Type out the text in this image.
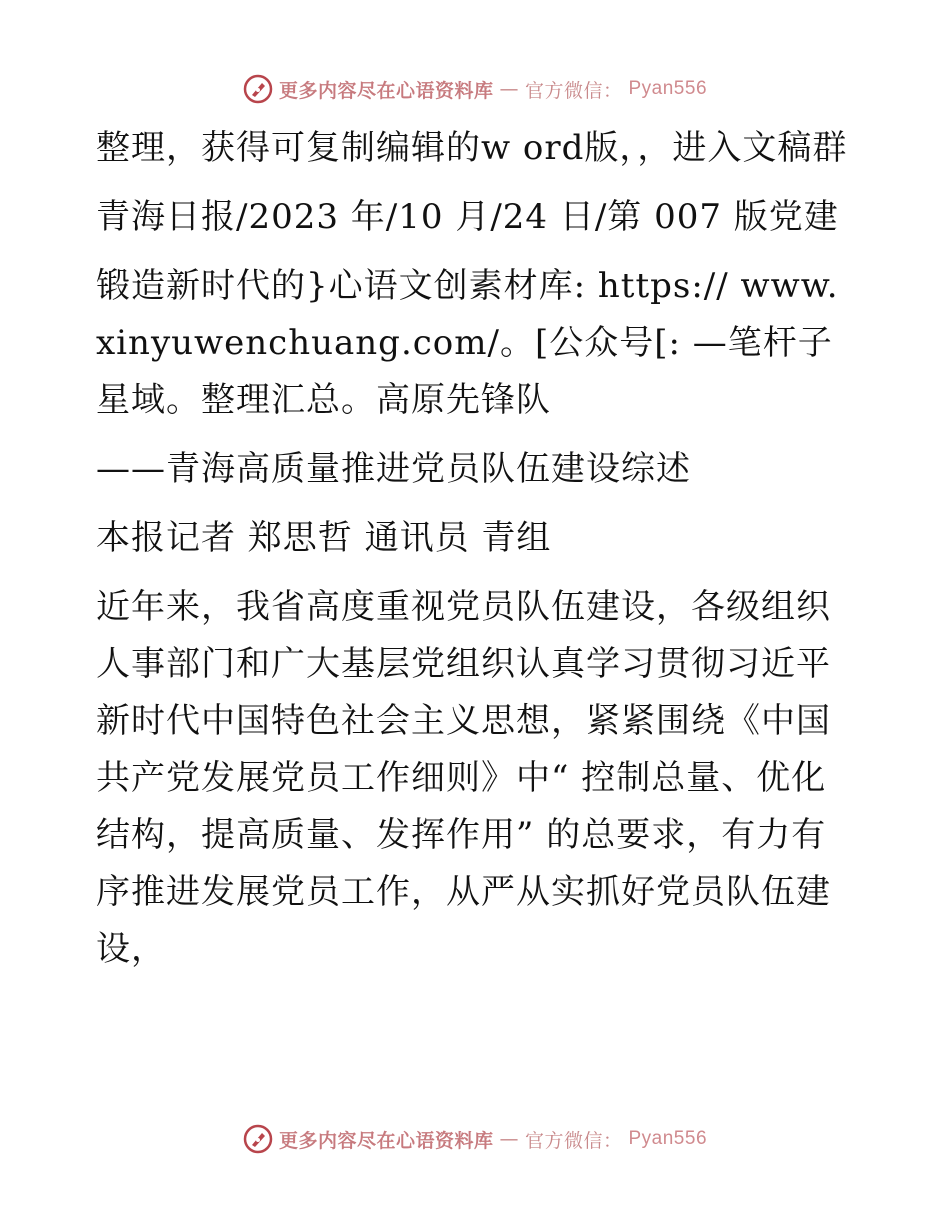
更多内容尽在心语资料库 — 官方微信： Pyan556

整理，获得可复制编辑的w ord版，，进入文稿群

青海日报/2023 年/10 月/24 日/第 007 版党建

锻造新时代的}心语文创素材库: https:// www.xinyuwenchuang.com/。[公众号[: —笔杆子星域。整理汇总。高原先锋队

——青海高质量推进党员队伍建设综述

本报记者 郑思哲 通讯员 青组

近年来，我省高度重视党员队伍建设，各级组织人事部门和广大基层党组织认真学习贯彻习近平新时代中国特色社会主义思想，紧紧围绕《中国共产党发展党员工作细则》中“ 控制总量、优化结构，提高质量、发挥作用” 的总要求，有力有序推进发展党员工作，从严从实抓好党员队伍建设，

更多内容尽在心语资料库 — 官方微信： Pyan556
